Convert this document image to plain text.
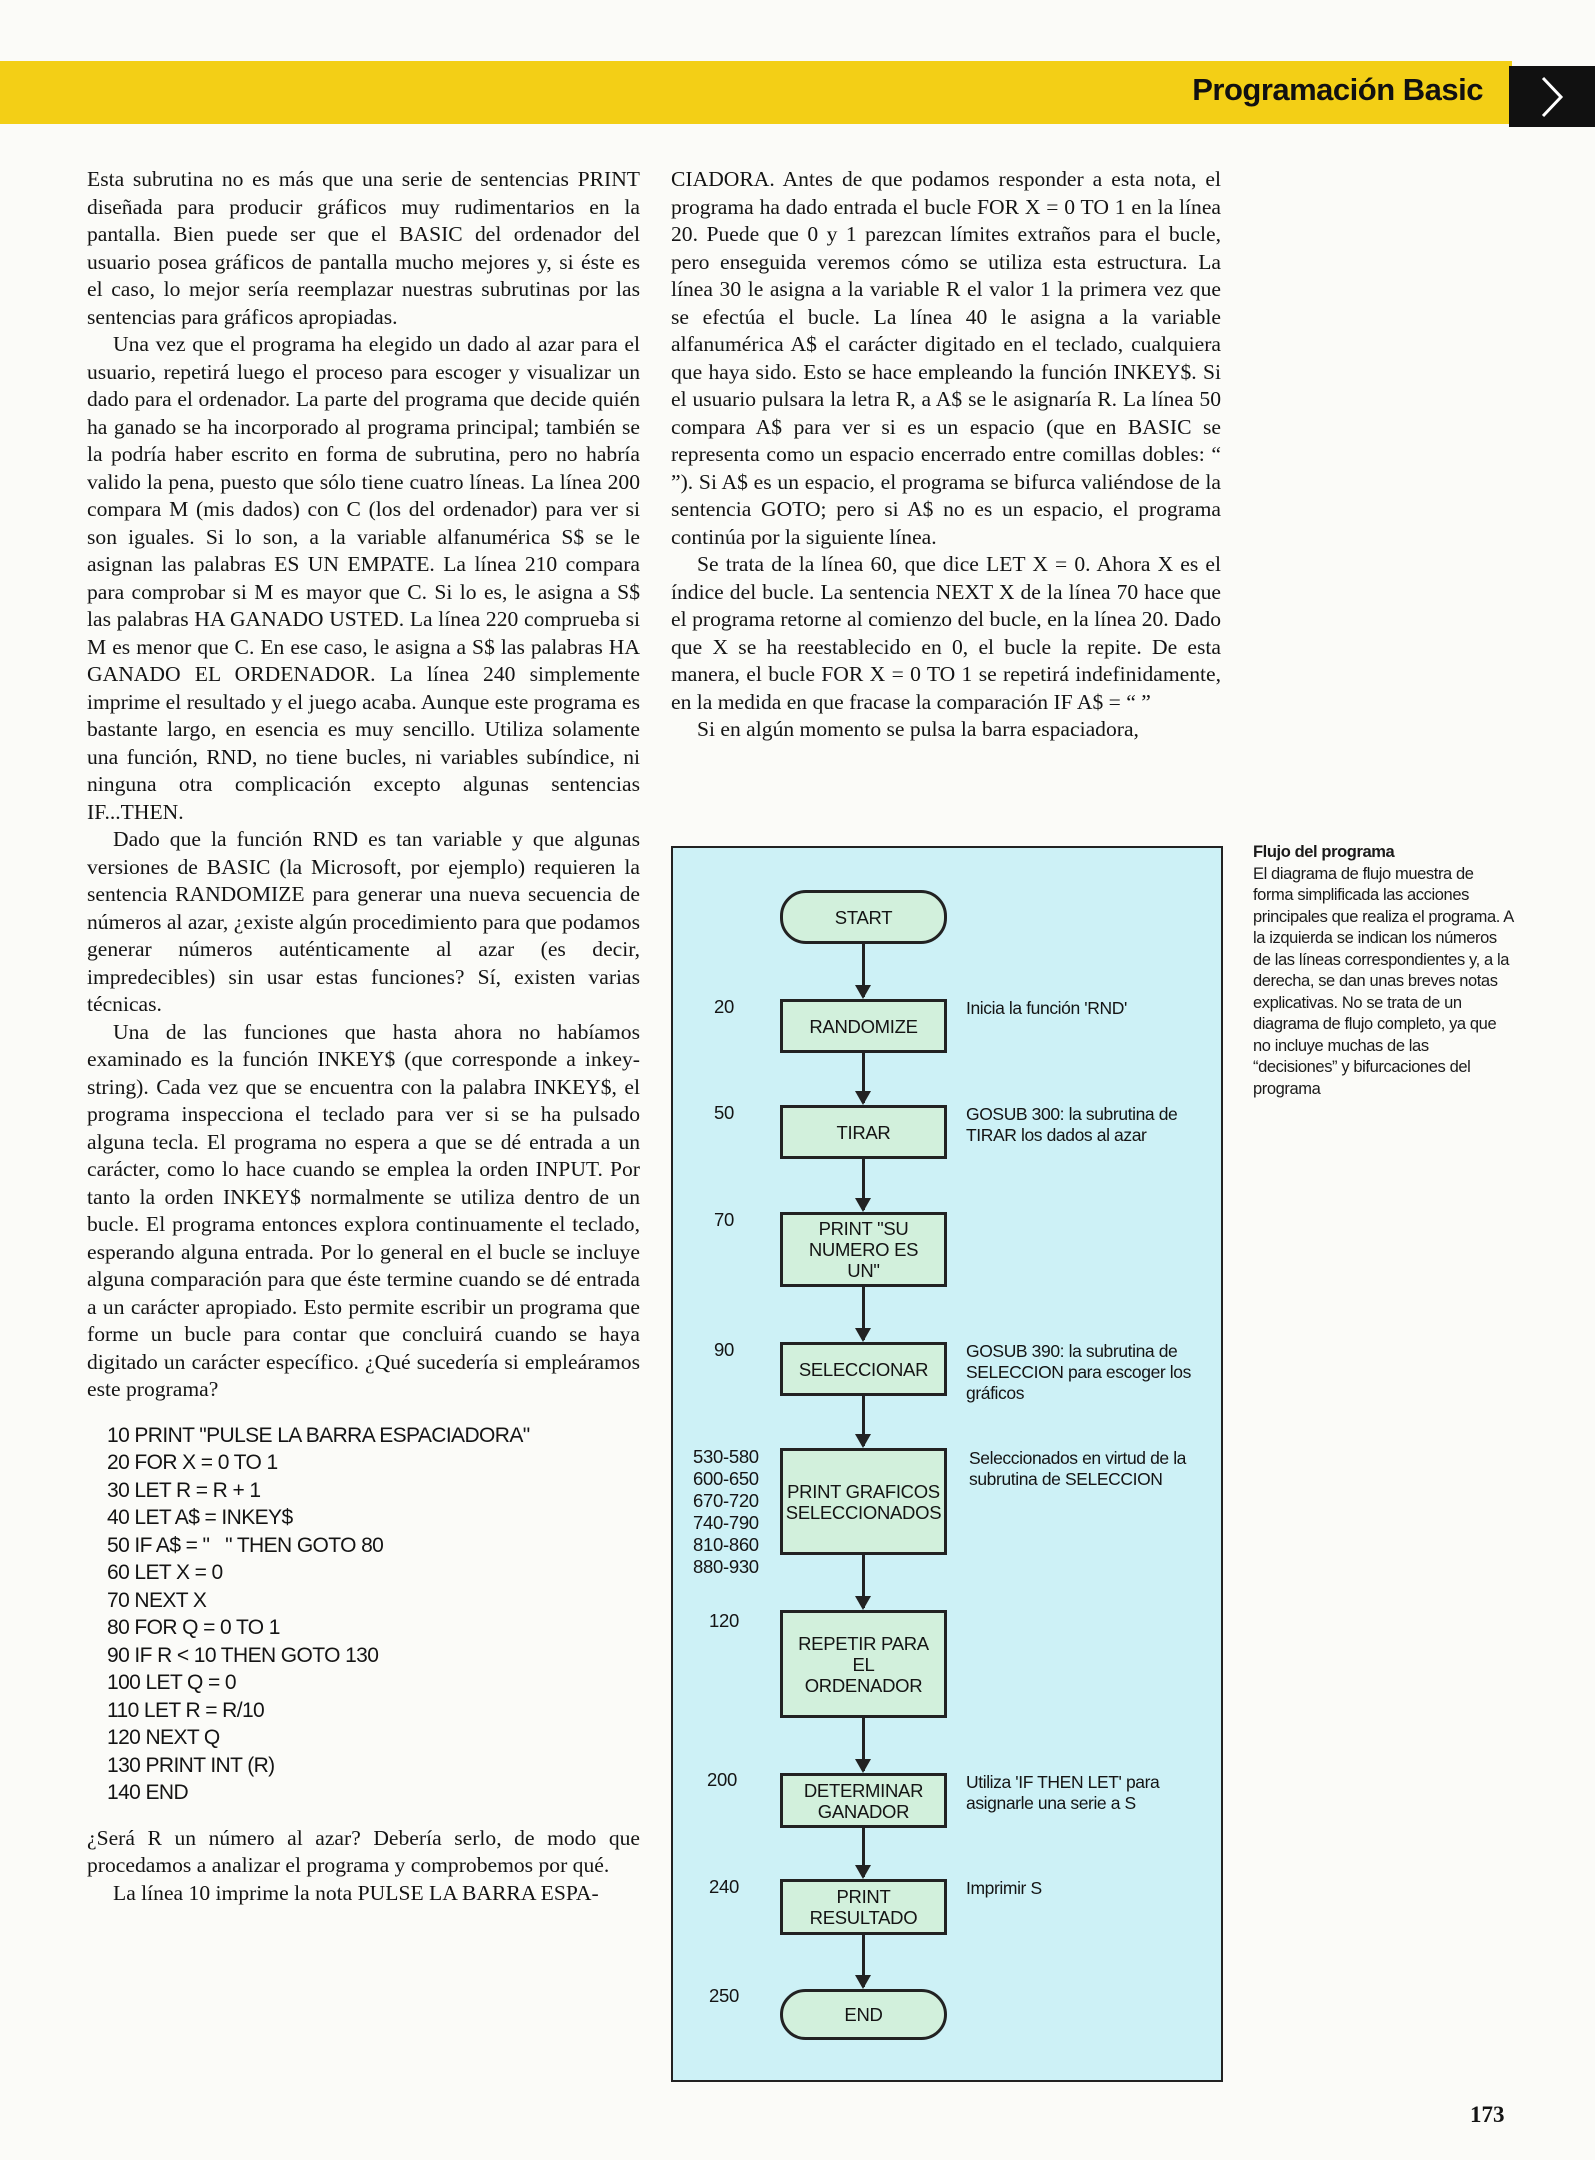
Programación Basic

Esta subrutina no es más que una serie de sentencias PRINT diseñada para producir gráficos muy rudimentarios en la pantalla. Bien puede ser que el BASIC del ordenador del usuario posea gráficos de pantalla mucho mejores y, si éste es el caso, lo mejor sería reemplazar nuestras subrutinas por las sentencias para gráficos apropiadas.

Una vez que el programa ha elegido un dado al azar para el usuario, repetirá luego el proceso para escoger y visualizar un dado para el ordenador. La parte del programa que decide quién ha ganado se ha incorporado al programa principal; también se la podría haber escrito en forma de subrutina, pero no habría valido la pena, puesto que sólo tiene cuatro líneas. La línea 200 compara M (mis dados) con C (los del ordenador) para ver si son iguales. Si lo son, a la variable alfanumérica S$ se le asignan las palabras ES UN EMPATE. La línea 210 compara para comprobar si M es mayor que C. Si lo es, le asigna a S$ las palabras HA GANADO USTED. La línea 220 comprueba si M es menor que C. En ese caso, le asigna a S$ las palabras HA GANADO EL ORDENADOR. La línea 240 simplemente imprime el resultado y el juego acaba. Aunque este programa es bastante largo, en esencia es muy sencillo. Utiliza solamente una función, RND, no tiene bucles, ni variables subíndice, ni ninguna otra complicación excepto algunas sentencias IF...THEN.

Dado que la función RND es tan variable y que algunas versiones de BASIC (la Microsoft, por ejemplo) requieren la sentencia RANDOMIZE para generar una nueva secuencia de números al azar, ¿existe algún procedimiento para que podamos generar números auténticamente al azar (es decir, impredecibles) sin usar estas funciones? Sí, existen varias técnicas.

Una de las funciones que hasta ahora no habíamos examinado es la función INKEY$ (que corresponde a inkey-string). Cada vez que se encuentra con la palabra INKEY$, el programa inspecciona el teclado para ver si se ha pulsado alguna tecla. El programa no espera a que se dé entrada a un carácter, como lo hace cuando se emplea la orden INPUT. Por tanto la orden INKEY$ normalmente se utiliza dentro de un bucle. El programa entonces explora continuamente el teclado, esperando alguna entrada. Por lo general en el bucle se incluye alguna comparación para que éste termine cuando se dé entrada a un carácter apropiado. Esto permite escribir un programa que forme un bucle para contar que concluirá cuando se haya digitado un carácter específico. ¿Qué sucedería si empleáramos este programa?

10 PRINT "PULSE LA BARRA ESPACIADORA"
20 FOR X = 0 TO 1
30 LET R = R + 1
40 LET A$ = INKEY$
50 IF A$ = "   " THEN GOTO 80
60 LET X = 0
70 NEXT X
80 FOR Q = 0 TO 1
90 IF R < 10 THEN GOTO 130
100 LET Q = 0
110 LET R = R/10
120 NEXT Q
130 PRINT INT (R)
140 END

¿Será R un número al azar? Debería serlo, de modo que procedamos a analizar el programa y comprobemos por qué.

La línea 10 imprime la nota PULSE LA BARRA ESPA-

CIADORA. Antes de que podamos responder a esta nota, el programa ha dado entrada el bucle FOR X = 0 TO 1 en la línea 20. Puede que 0 y 1 parezcan límites extraños para el bucle, pero enseguida veremos cómo se utiliza esta estructura. La línea 30 le asigna a la variable R el valor 1 la primera vez que se efectúa el bucle. La línea 40 le asigna a la variable alfanumérica A$ el carácter digitado en el teclado, cualquiera que haya sido. Esto se hace empleando la función INKEY$. Si el usuario pulsara la letra R, a A$ se le asignaría R. La línea 50 compara A$ para ver si es un espacio (que en BASIC se representa como un espacio encerrado entre comillas dobles: “ ”). Si A$ es un espacio, el programa se bifurca valiéndose de la sentencia GOTO; pero si A$ no es un espacio, el programa continúa por la siguiente línea.

Se trata de la línea 60, que dice LET X = 0. Ahora X es el índice del bucle. La sentencia NEXT X de la línea 70 hace que el programa retorne al comienzo del bucle, en la línea 20. Dado que X se ha reestablecido en 0, el bucle la repite. De esta manera, el bucle FOR X = 0 TO 1 se repetirá indefinidamente, en la medida en que fracase la comparación IF A$ = “ ”

Si en algún momento se pulsa la barra espaciadora,

START
RANDOMIZE
TIRAR
PRINT "SU NUMERO ES UN"
SELECCIONAR
PRINT GRAFICOS SELECCIONADOS
REPETIR PARA EL ORDENADOR
DETERMINAR GANADOR
PRINT RESULTADO
END
20
50
70
90
530-580 600-650 670-720 740-790 810-860 880-930
120
200
240
250
Inicia la función 'RND'
GOSUB 300: la subrutina de TIRAR los dados al azar
GOSUB 390: la subrutina de SELECCION para escoger los gráficos
Seleccionados en virtud de la subrutina de SELECCION
Utiliza 'IF THEN LET' para asignarle una serie a S
Imprimir S
Flujo del programa
El diagrama de flujo muestra de forma simplificada las acciones principales que realiza el programa. A la izquierda se indican los números de las líneas correspondientes y, a la derecha, se dan unas breves notas explicativas. No se trata de un diagrama de flujo completo, ya que no incluye muchas de las “decisiones” y bifurcaciones del programa
173
